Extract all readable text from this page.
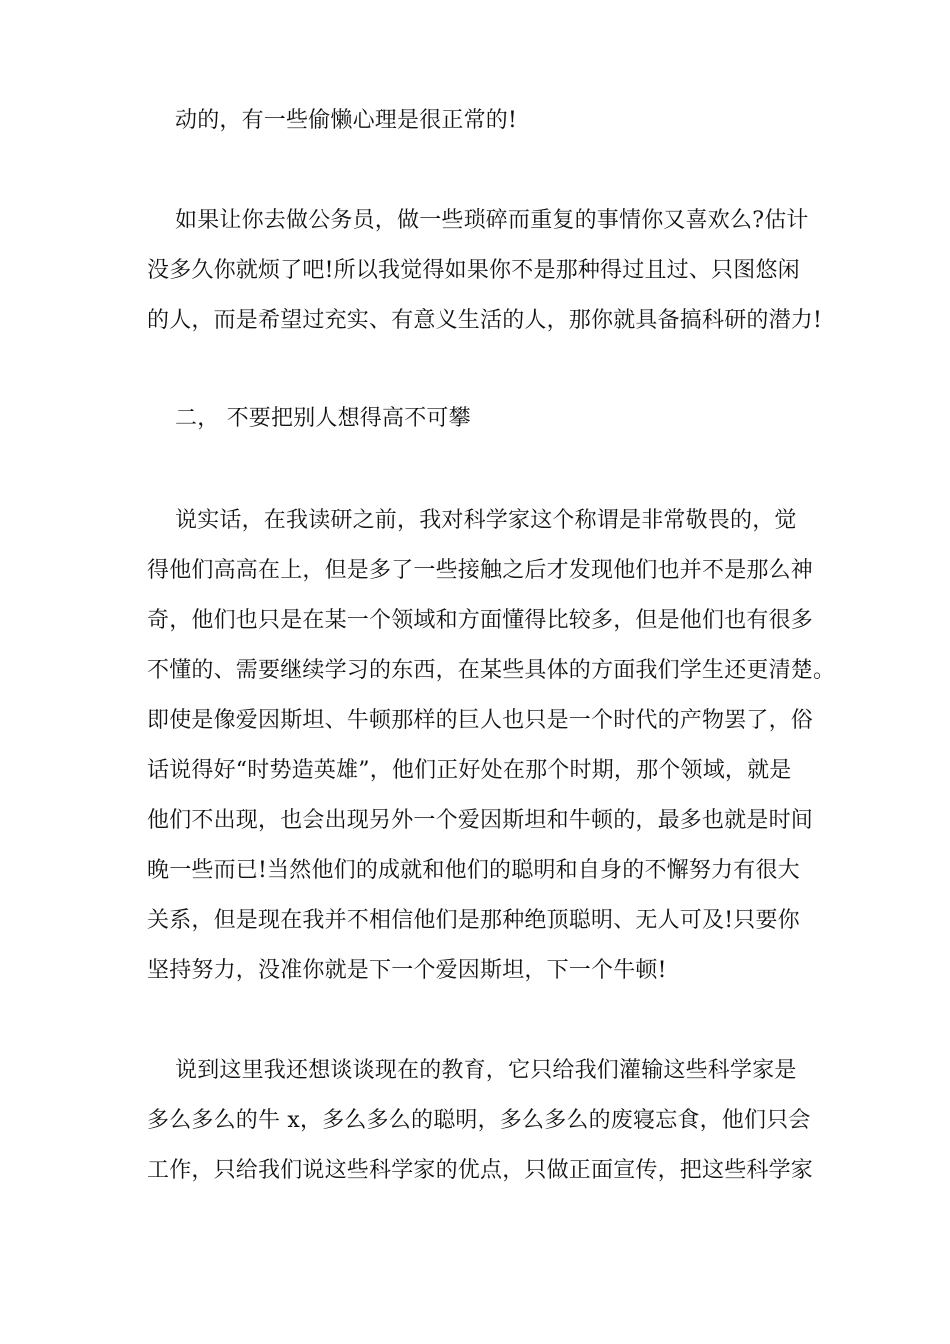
动的，有一些偷懒心理是很正常的!
如果让你去做公务员，做一些琐碎而重复的事情你又喜欢么?估计
没多久你就烦了吧!所以我觉得如果你不是那种得过且过、只图悠闲
的人，而是希望过充实、有意义生活的人，那你就具备搞科研的潜力!
二， 不要把别人想得高不可攀
说实话，在我读研之前，我对科学家这个称谓是非常敬畏的，觉
得他们高高在上，但是多了一些接触之后才发现他们也并不是那么神
奇，他们也只是在某一个领域和方面懂得比较多，但是他们也有很多
不懂的、需要继续学习的东西，在某些具体的方面我们学生还更清楚。
即使是像爱因斯坦、牛顿那样的巨人也只是一个时代的产物罢了，俗
话说得好“时势造英雄”，他们正好处在那个时期，那个领域，就是
他们不出现，也会出现另外一个爱因斯坦和牛顿的，最多也就是时间
晚一些而已!当然他们的成就和他们的聪明和自身的不懈努力有很大
关系，但是现在我并不相信他们是那种绝顶聪明、无人可及!只要你
坚持努力，没准你就是下一个爱因斯坦，下一个牛顿!
说到这里我还想谈谈现在的教育，它只给我们灌输这些科学家是
多么多么的牛 x，多么多么的聪明，多么多么的废寝忘食，他们只会
工作，只给我们说这些科学家的优点，只做正面宣传，把这些科学家
